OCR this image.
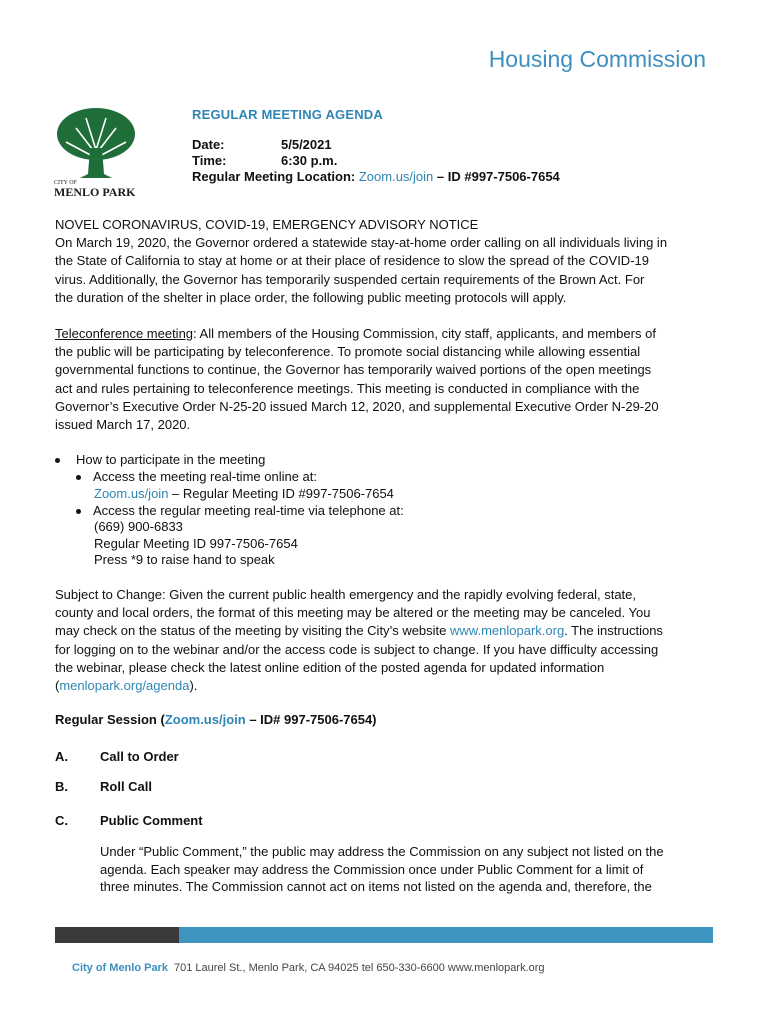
Housing Commission
CITY OF
MENLO PARK
REGULAR MEETING AGENDA
Date:	5/5/2021
Time:	6:30 p.m.
Regular Meeting Location: Zoom.us/join – ID #997-7506-7654
NOVEL CORONAVIRUS, COVID-19, EMERGENCY ADVISORY NOTICE
On March 19, 2020, the Governor ordered a statewide stay-at-home order calling on all individuals living in
the State of California to stay at home or at their place of residence to slow the spread of the COVID-19
virus. Additionally, the Governor has temporarily suspended certain requirements of the Brown Act. For
the duration of the shelter in place order, the following public meeting protocols will apply.
Teleconference meeting: All members of the Housing Commission, city staff, applicants, and members of
the public will be participating by teleconference. To promote social distancing while allowing essential
governmental functions to continue, the Governor has temporarily waived portions of the open meetings
act and rules pertaining to teleconference meetings. This meeting is conducted in compliance with the
Governor’s Executive Order N-25-20 issued March 12, 2020, and supplemental Executive Order N-29-20
issued March 17, 2020.
How to participate in the meeting
Access the meeting real-time online at:
Zoom.us/join – Regular Meeting ID #997-7506-7654
Access the regular meeting real-time via telephone at:
(669) 900-6833
Regular Meeting ID 997-7506-7654
Press *9 to raise hand to speak
Subject to Change: Given the current public health emergency and the rapidly evolving federal, state,
county and local orders, the format of this meeting may be altered or the meeting may be canceled. You
may check on the status of the meeting by visiting the City’s website www.menlopark.org. The instructions
for logging on to the webinar and/or the access code is subject to change. If you have difficulty accessing
the webinar, please check the latest online edition of the posted agenda for updated information
(menlopark.org/agenda).
Regular Session (Zoom.us/join – ID# 997-7506-7654)
A. Call to Order
B. Roll Call
C. Public Comment
Under “Public Comment,” the public may address the Commission on any subject not listed on the
agenda. Each speaker may address the Commission once under Public Comment for a limit of
three minutes. The Commission cannot act on items not listed on the agenda and, therefore, the
City of Menlo Park 701 Laurel St., Menlo Park, CA 94025 tel 650-330-6600 www.menlopark.org
